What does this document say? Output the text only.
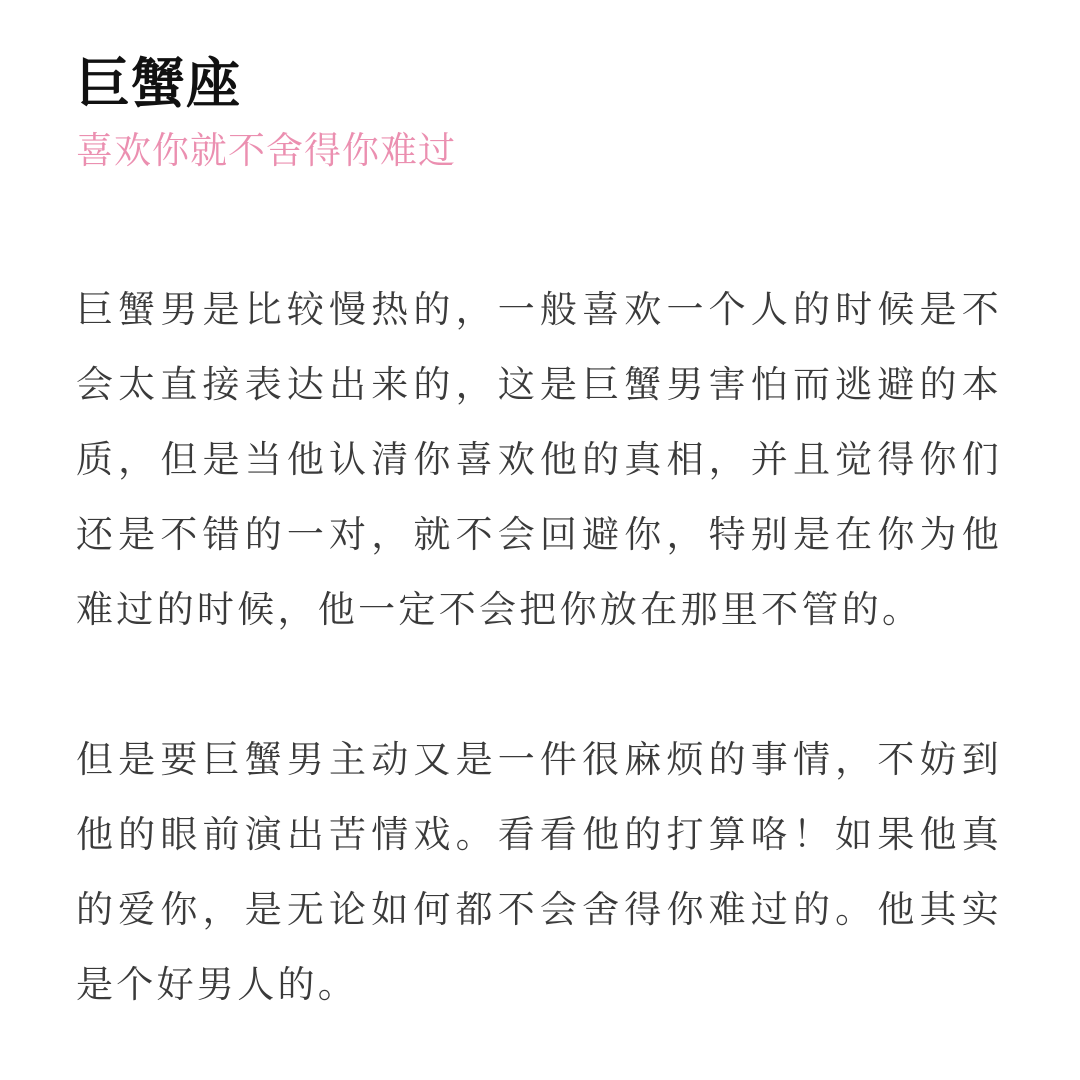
巨蟹座

喜欢你就不舍得你难过

巨蟹男是比较慢热的，一般喜欢一个人的时候是不会太直接表达出来的，这是巨蟹男害怕而逃避的本质，但是当他认清你喜欢他的真相，并且觉得你们还是不错的一对，就不会回避你，特别是在你为他难过的时候，他一定不会把你放在那里不管的。

但是要巨蟹男主动又是一件很麻烦的事情，不妨到他的眼前演出苦情戏。看看他的打算咯！如果他真的爱你，是无论如何都不会舍得你难过的。他其实是个好男人的。
